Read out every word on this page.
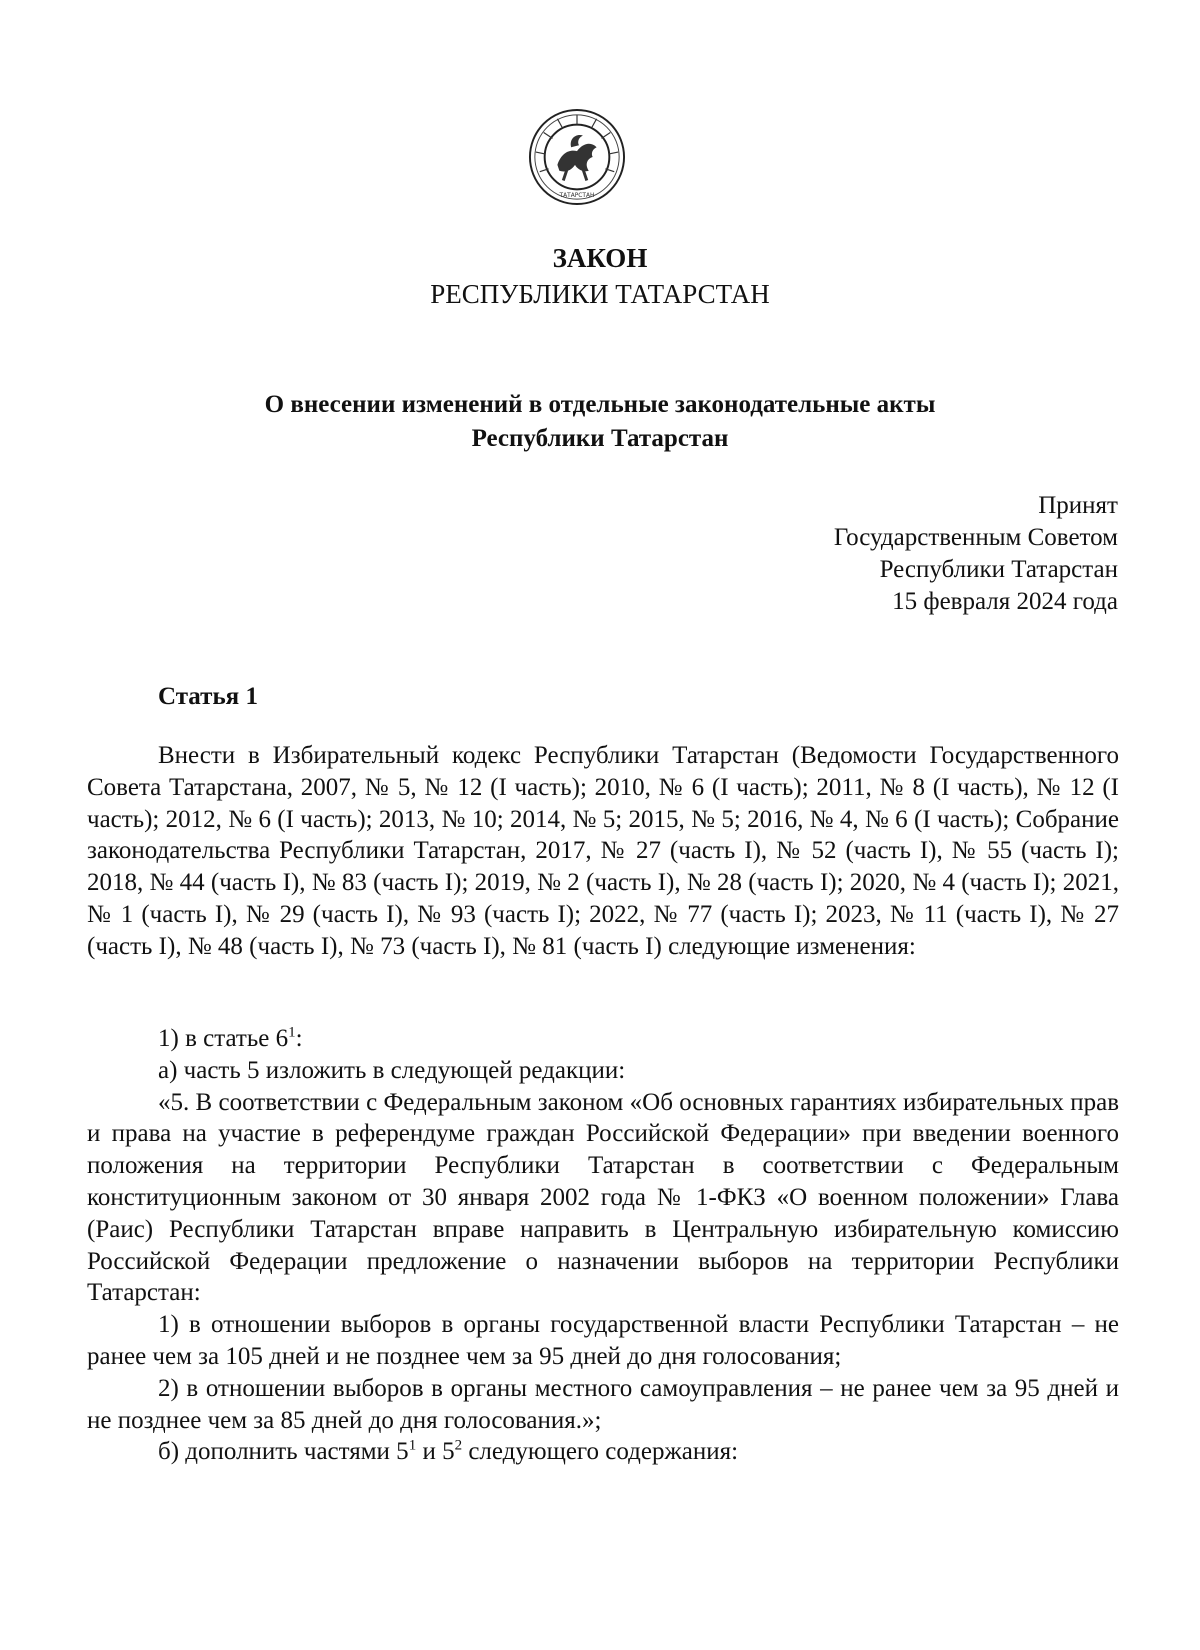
ТАТАРСТАН
ЗАКОН
РЕСПУБЛИКИ ТАТАРСТАН
О внесении изменений в отдельные законодательные акты
Республики Татарстан
Принят
Государственным Советом
Республики Татарстан
15 февраля 2024 года
Статья 1

Внести в Избирательный кодекс Республики Татарстан (Ведомости Государственного Совета Татарстана, 2007, № 5, № 12 (I часть); 2010, № 6 (I часть); 2011, № 8 (I часть), № 12 (I часть); 2012, № 6 (I часть); 2013, № 10; 2014, № 5; 2015, № 5; 2016, № 4, № 6 (I часть); Собрание законодательства Республики Татарстан, 2017, № 27 (часть I), № 52 (часть I), № 55 (часть I); 2018, № 44 (часть I), № 83 (часть I); 2019, № 2 (часть I), № 28 (часть I); 2020, № 4 (часть I); 2021, № 1 (часть I), № 29 (часть I), № 93 (часть I); 2022, № 77 (часть I); 2023, № 11 (часть I), № 27 (часть I), № 48 (часть I), № 73 (часть I), № 81 (часть I) следующие изменения:

1) в статье $6^1$:

а) часть 5 изложить в следующей редакции:

«5. В соответствии с Федеральным законом «Об основных гарантиях избирательных прав и права на участие в референдуме граждан Российской Федерации» при введении военного положения на территории Республики Татарстан в соответствии с Федеральным конституционным законом от 30 января 2002 года № 1-ФКЗ «О военном положении» Глава (Раис) Республики Татарстан вправе направить в Центральную избирательную комиссию Российской Федерации предложение о назначении выборов на территории Республики Татарстан:

1) в отношении выборов в органы государственной власти Республики Татарстан – не ранее чем за 105 дней и не позднее чем за 95 дней до дня голосования;

2) в отношении выборов в органы местного самоуправления – не ранее чем за 95 дней и не позднее чем за 85 дней до дня голосования.»;

б) дополнить частями $5^1$ и $5^2$ следующего содержания:
